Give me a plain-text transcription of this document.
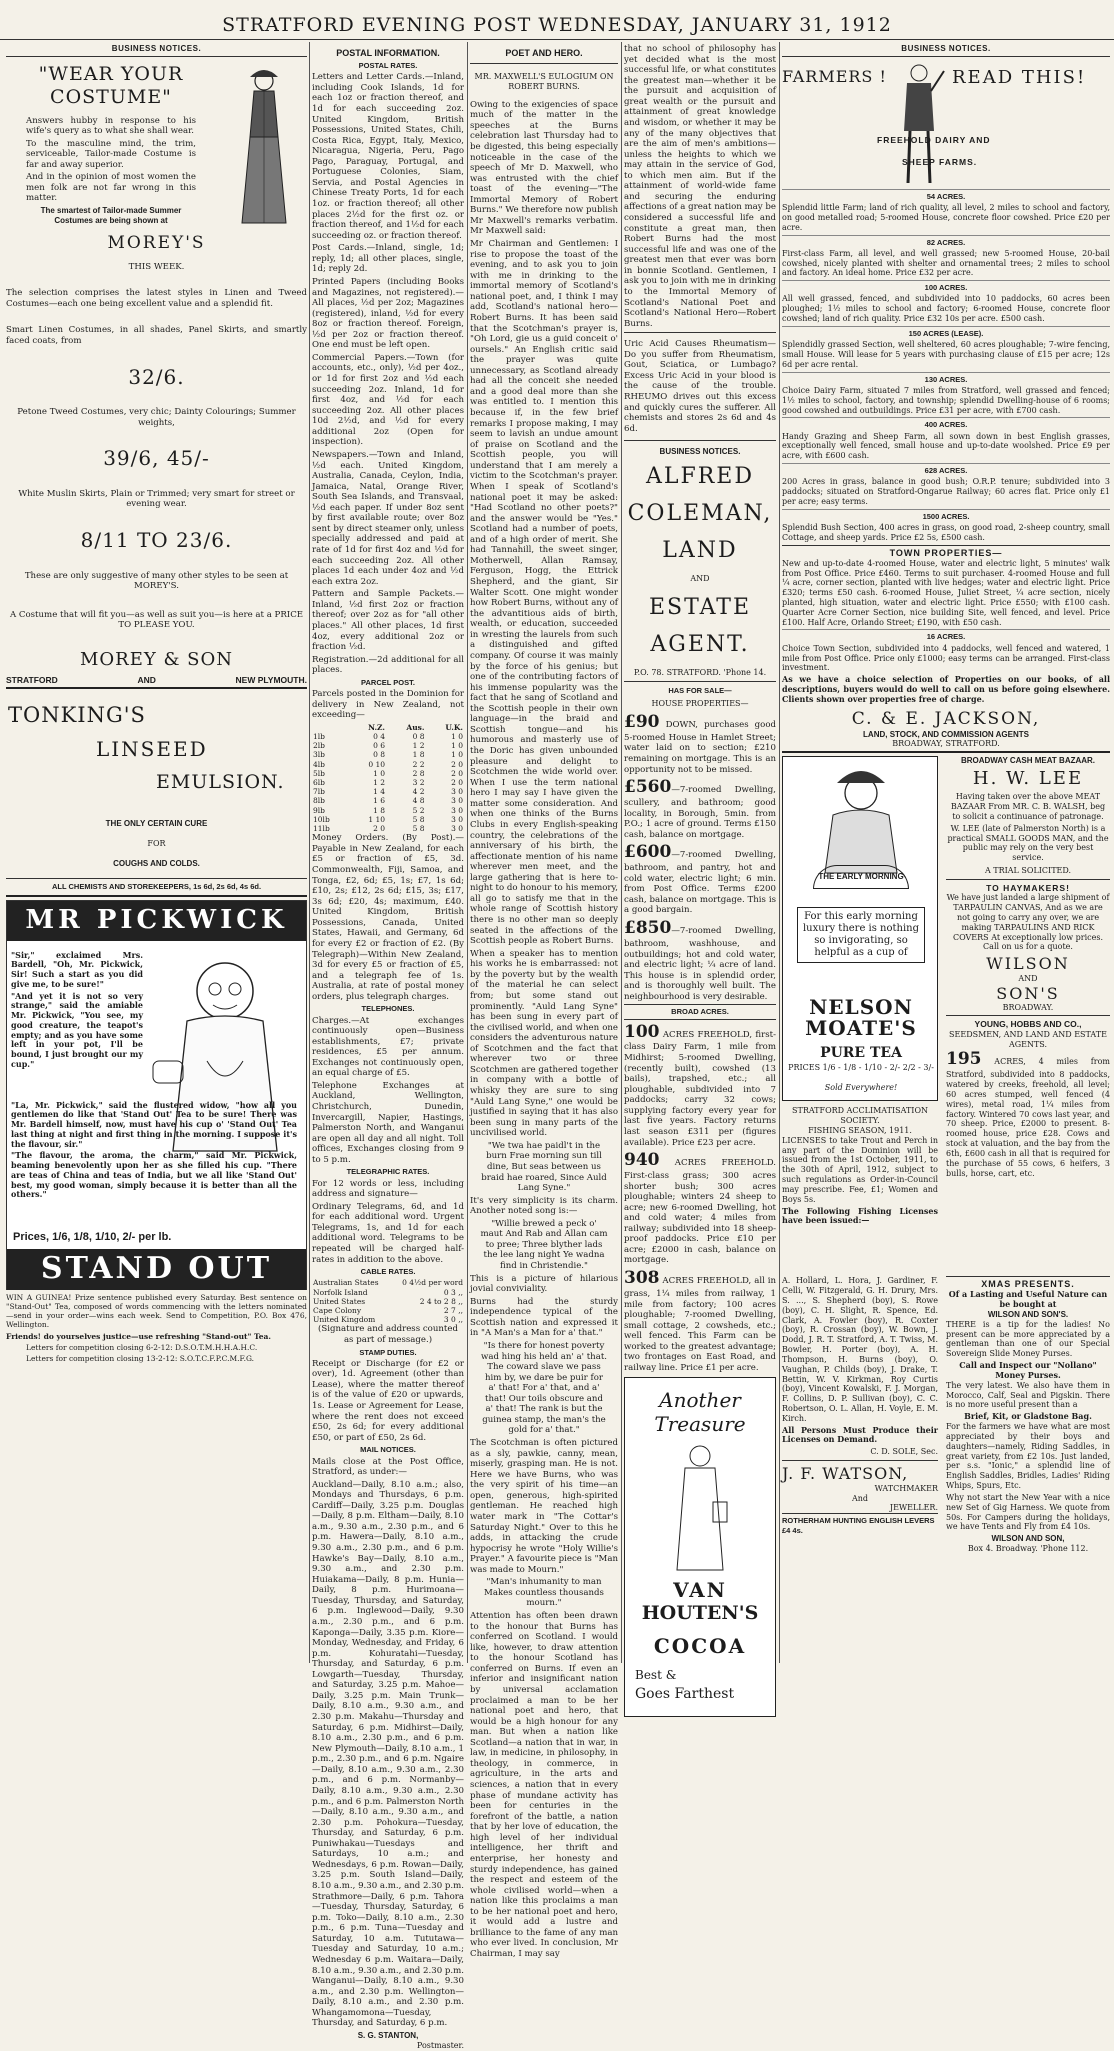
STRATFORD EVENING POST WEDNESDAY, JANUARY 31, 1912
BUSINESS NOTICES.
"WEAR YOUR
COSTUME"

Answers hubby in response to his wife's query as to what she shall wear.

To the masculine mind, the trim, serviceable, Tailor-made Costume is far and away superior.

And in the opinion of most women the men folk are not far wrong in this matter.

The smartest of Tailor-made Summer Costumes are being shown at

MOREY'S
THIS WEEK.

The selection comprises the latest styles in Linen and Tweed Costumes—each one being excellent value and a splendid fit.

Smart Linen Costumes, in all shades, Panel Skirts, and smartly faced coats, from

32/6.

Petone Tweed Costumes, very chic; Dainty Colourings; Summer weights,

39/6, 45/-

White Muslin Skirts, Plain or Trimmed; very smart for street or evening wear.

8/11 TO 23/6.

These are only suggestive of many other styles to be seen at MOREY'S.

A Costume that will fit you—as well as suit you—is here at a PRICE TO PLEASE YOU.

MOREY & SON
STRATFORD	AND	NEW PLYMOUTH.
TONKING'S
LINSEED
EMULSION.
THE ONLY CERTAIN CURE
FOR
COUGHS AND COLDS.
ALL CHEMISTS AND STOREKEEPERS, 1s 6d, 2s 6d, 4s 6d.
MR PICKWICK

"Sir," exclaimed Mrs. Bardell, "Oh, Mr. Pickwick, Sir! Such a start as you did give me, to be sure!"

"And yet it is not so very strange," said the amiable Mr. Pickwick, "You see, my good creature, the teapot's empty; and as you have some left in your pot, I'll be bound, I just brought our my cup."

"La, Mr. Pickwick," said the flustered widow, "how all you gentlemen do like that 'Stand Out' Tea to be sure! There was Mr. Bardell himself, now, must have his cup o' 'Stand Out' Tea last thing at night and first thing in the morning. I suppose it's the flavour, sir."

"The flavour, the aroma, the charm," said Mr. Pickwick, beaming benevolently upon her as she filled his cup. "There are teas of China and teas of India, but we all like 'Stand Out' best, my good woman, simply because it is better than all the others."

Prices, 1/6, 1/8, 1/10, 2/- per lb.
STAND OUT

WIN A GUINEA! Prize sentence published every Saturday. Best sentence on "Stand-Out" Tea, composed of words commencing with the letters nominated—send in your order—wins each week. Send to Competition, P.O. Box 476, Wellington.

Friends! do yourselves justice—use refreshing "Stand-out" Tea.

Letters for competition closing 6-2-12: D.S.O.T.M.H.H.A.H.C.

Letters for competition closing 13-2-12: S.O.T.C.F.P.C.M.F.G.

POSTAL INFORMATION.
POSTAL RATES.

Letters and Letter Cards.—Inland, including Cook Islands, 1d for each 1oz or fraction thereof, and 1d for each succeeding 2oz. United Kingdom, British Possessions, United States, Chili, Costa Rica, Egypt, Italy, Mexico, Nicaragua, Nigeria, Peru, Pago Pago, Paraguay, Portugal, and Portuguese Colonies, Siam, Servia, and Postal Agencies in Chinese Treaty Ports, 1d for each 1oz. or fraction thereof; all other places 2½d for the first oz. or fraction thereof, and 1½d for each succeeding oz. or fraction thereof.

Post Cards.—Inland, single, 1d; reply, 1d; all other places, single, 1d; reply 2d.

Printed Papers (including Books and Magazines, not registered).—All places, ½d per 2oz; Magazines (registered), inland, ½d for every 8oz or fraction thereof. Foreign, ½d per 2oz or fraction thereof. One end must be left open.

Commercial Papers.—Town (for accounts, etc., only), ½d per 4oz., or 1d for first 2oz and ½d each succeeding 2oz. Inland, 1d for first 4oz, and ½d for each succeeding 2oz. All other places 10d 2½d, and ½d for every additional 2oz (Open for inspection).

Newspapers.—Town and Inland, ½d each. United Kingdom, Australia, Canada, Ceylon, India, Jamaica, Natal, Orange River, South Sea Islands, and Transvaal, ½d each paper. If under 8oz sent by first available route; over 8oz sent by direct steamer only, unless specially addressed and paid at rate of 1d for first 4oz and ½d for each succeeding 2oz. All other places 1d each under 4oz and ½d each extra 2oz.

Pattern and Sample Packets.—Inland, ½d first 2oz or fraction thereof; over 2oz as for "all other places." All other places, 1d first 4oz, every additional 2oz or fraction ½d.

Registration.—2d additional for all places.

PARCEL POST.

Parcels posted in the Dominion for delivery in New Zealand, not exceeding—

	N.Z.	Aus.	U.K.
1lb	0 4	0 8	1 0
2lb	0 6	1 2	1 0
3lb	0 8	1 8	1 0
4lb	0 10	2 2	2 0
5lb	1 0	2 8	2 0
6lb	1 2	3 2	2 0
7lb	1 4	4 2	3 0
8lb	1 6	4 8	3 0
9lb	1 8	5 2	3 0
10lb	1 10	5 8	3 0
11lb	2 0	5 8	3 0

Money Orders. (By Post).—Payable in New Zealand, for each £5 or fraction of £5, 3d. Commonwealth, Fiji, Samoa, and Tonga, £2, 6d; £5, 1s; £7, 1s 6d; £10, 2s; £12, 2s 6d; £15, 3s; £17, 3s 6d; £20, 4s; maximum, £40. United Kingdom, British Possessions, Canada, United States, Hawaii, and Germany, 6d for every £2 or fraction of £2. (By Telegraph)—Within New Zealand, 3d for every £5 or fraction of £5, and a telegraph fee of 1s. Australia, at rate of postal money orders, plus telegraph charges.

TELEPHONES.

Charges.—At exchanges continuously open—Business establishments, £7; private residences, £5 per annum. Exchanges not continuously open, an equal charge of £5.

Telephone Exchanges at Auckland, Wellington, Christchurch, Dunedin, Invercargill, Napier, Hastings, Palmerston North, and Wanganui are open all day and all night. Toll offices, Exchanges closing from 9 to 5 p.m.

TELEGRAPHIC RATES.

For 12 words or less, including address and signature—

Ordinary Telegrams, 6d, and 1d for each additional word. Urgent Telegrams, 1s, and 1d for each additional word. Telegrams to be repeated will be charged half-rates in addition to the above.

CABLE RATES.
Australian States	0 4½d per word
Norfolk Island	0 3 ,,
United States	2 4 to 2 8 ,,
Cape Colony	2 7 ,,
United Kingdom	3 0 ,,

(Signature and address counted as part of message.)

STAMP DUTIES.

Receipt or Discharge (for £2 or over), 1d. Agreement (other than Lease), where the matter thereof is of the value of £20 or upwards, 1s. Lease or Agreement for Lease, where the rent does not exceed £50, 2s 6d; for every additional £50, or part of £50, 2s 6d.

MAIL NOTICES.

Mails close at the Post Office, Stratford, as under:—

Auckland—Daily, 8.10 a.m.; also, Mondays and Thursdays, 6 p.m. Cardiff—Daily, 3.25 p.m. Douglas—Daily, 8 p.m. Eltham—Daily, 8.10 a.m., 9.30 a.m., 2.30 p.m., and 6 p.m. Hawera—Daily, 8.10 a.m., 9.30 a.m., 2.30 p.m., and 6 p.m. Hawke's Bay—Daily, 8.10 a.m., 9.30 a.m., and 2.30 p.m. Huiakama—Daily, 8 p.m. Hunia—Daily, 8 p.m. Hurimoana—Tuesday, Thursday, and Saturday, 6 p.m. Inglewood—Daily, 9.30 a.m., 2.30 p.m., and 6 p.m. Kaponga—Daily, 3.35 p.m. Kiore—Monday, Wednesday, and Friday, 6 p.m. Kohuratahi—Tuesday, Thursday, and Saturday, 6 p.m. Lowgarth—Tuesday, Thursday, and Saturday, 3.25 p.m. Mahoe—Daily, 3.25 p.m. Main Trunk—Daily, 8.10 a.m., 9.30 a.m., and 2.30 p.m. Makahu—Thursday and Saturday, 6 p.m. Midhirst—Daily, 8.10 a.m., 2.30 p.m., and 6 p.m. New Plymouth—Daily, 8.10 a.m., 1 p.m., 2.30 p.m., and 6 p.m. Ngaire—Daily, 8.10 a.m., 9.30 a.m., 2.30 p.m., and 6 p.m. Normanby—Daily, 8.10 a.m., 9.30 a.m., 2.30 p.m., and 6 p.m. Palmerston North—Daily, 8.10 a.m., 9.30 a.m., and 2.30 p.m. Pohokura—Tuesday, Thursday, and Saturday, 6 p.m. Puniwhakau—Tuesdays and Saturdays, 10 a.m.; and Wednesdays, 6 p.m. Rowan—Daily, 3.25 p.m. South Island—Daily, 8.10 a.m., 9.30 a.m., and 2.30 p.m. Strathmore—Daily, 6 p.m. Tahora—Tuesday, Thursday, Saturday, 6 p.m. Toko—Daily, 8.10 a.m., 2.30 p.m., 6 p.m. Tuna—Tuesday and Saturday, 10 a.m. Tututawa—Tuesday and Saturday, 10 a.m.; Wednesday 6 p.m. Waitara—Daily, 8.10 a.m., 9.30 a.m., and 2.30 p.m. Wanganui—Daily, 8.10 a.m., 9.30 a.m., and 2.30 p.m. Wellington—Daily, 8.10 a.m., and 2.30 p.m. Whangamomona—Tuesday, Thursday, and Saturday, 6 p.m.

S. G. STANTON,
Postmaster.
POET AND HERO.
MR. MAXWELL'S EULOGIUM ON ROBERT BURNS.

Owing to the exigencies of space much of the matter in the speeches at the Burns celebration last Thursday had to be digested, this being especially noticeable in the case of the speech of Mr D. Maxwell, who was entrusted with the chief toast of the evening—"The Immortal Memory of Robert Burns." We therefore now publish Mr Maxwell's remarks verbatim. Mr Maxwell said:

Mr Chairman and Gentlemen: I rise to propose the toast of the evening, and to ask you to join with me in drinking to the immortal memory of Scotland's national poet, and, I think I may add, Scotland's national hero—Robert Burns. It has been said that the Scotchman's prayer is, "Oh Lord, gie us a guid conceit o' oursels." An English critic said the prayer was quite unnecessary, as Scotland already had all the conceit she needed and a good deal more than she was entitled to. I mention this because if, in the few brief remarks I propose making, I may seem to lavish an undue amount of praise on Scotland and the Scottish people, you will understand that I am merely a victim to the Scotchman's prayer. When I speak of Scotland's national poet it may be asked: "Had Scotland no other poets?" and the answer would be "Yes." Scotland had a number of poets, and of a high order of merit. She had Tannahill, the sweet singer, Motherwell, Allan Ramsay, Ferguson, Hogg, the Ettrick Shepherd, and the giant, Sir Walter Scott. One might wonder how Robert Burns, without any of the advantitious aids of birth, wealth, or education, succeeded in wresting the laurels from such a distinguished and gifted company. Of course it was mainly by the force of his genius; but one of the contributing factors of his immense popularity was the fact that he sang of Scotland and the Scottish people in their own language—in the braid and Scottish tongue—and his humorous and masterly use of the Doric has given unbounded pleasure and delight to Scotchmen the wide world over. When I use the term national hero I may say I have given the matter some consideration. And when one thinks of the Burns Clubs in every English-speaking country, the celebrations of the anniversary of his birth, the affectionate mention of his name wherever men meet, and the large gathering that is here to-night to do honour to his memory, all go to satisfy me that in the whole range of Scottish history there is no other man so deeply seated in the affections of the Scottish people as Robert Burns.

When a speaker has to mention his works he is embarrassed: not by the poverty but by the wealth of the material he can select from; but some stand out prominently. "Auld Lang Syne" has been sung in every part of the civilised world, and when one considers the adventurous nature of Scotchmen and the fact that wherever two or three Scotchmen are gathered together in company with a bottle of whisky they are sure to sing "Auld Lang Syne," one would be justified in saying that it has also been sung in many parts of the uncivilised world.

"We twa hae paidl't in the burn Frae morning sun till dine, But seas between us braid hae roared, Since Auld Lang Syne."

It's very simplicity is its charm. Another noted song is:—

"Willie brewed a peck o' maut And Rab and Allan cam to pree; Three blyther lads the lee lang night Ye wadna find in Christendie."

This is a picture of hilarious jovial conviviality.

Burns had the sturdy independence typical of the Scottish nation and expressed it in "A Man's a Man for a' that."

"Is there for honest poverty wad hing his held an' a' that. The coward slave we pass him by, we dare be puir for a' that! For a' that, and a' that! Our toils obscure and a' that! The rank is but the guinea stamp, the man's the gold for a' that."

The Scotchman is often pictured as a sly, pawkie, canny, mean, miserly, grasping man. He is not. Here we have Burns, who was the very spirit of his time—an open, generous, high-spirited gentleman. He reached high water mark in "The Cottar's Saturday Night." Over to this he adds, in attacking the crude hypocrisy he wrote "Holy Willie's Prayer." A favourite piece is "Man was made to Mourn."

"Man's inhumanity to man Makes countless thousands mourn."

Attention has often been drawn to the honour that Burns has conferred on Scotland. I would like, however, to draw attention to the honour Scotland has conferred on Burns. If even an inferior and insignificant nation by universal acclamation proclaimed a man to be her national poet and hero, that would be a high honour for any man. But when a nation like Scotland—a nation that in war, in law, in medicine, in philosophy, in theology, in commerce, in agriculture, in the arts and sciences, a nation that in every phase of mundane activity has been for centuries in the forefront of the battle, a nation that by her love of education, the high level of her individual intelligence, her thrift and enterprise, her honesty and sturdy independence, has gained the respect and esteem of the whole civilised world—when a nation like this proclaims a man to be her national poet and hero, it would add a lustre and brilliance to the fame of any man who ever lived. In conclusion, Mr Chairman, I may say

that no school of philosophy has yet decided what is the most successful life, or what constitutes the greatest man—whether it be the pursuit and acquisition of great wealth or the pursuit and attainment of great knowledge and wisdom, or whether it may be any of the many objectives that are the aim of men's ambitions—unless the heights to which we may attain in the service of God, to which men aim. But if the attainment of world-wide fame and securing the enduring affections of a great nation may be considered a successful life and constitute a great man, then Robert Burns had the most successful life and was one of the greatest men that ever was born in bonnie Scotland. Gentlemen, I ask you to join with me in drinking to the Immortal Memory of Scotland's National Poet and Scotland's National Hero—Robert Burns.

Uric Acid Causes Rheumatism—Do you suffer from Rheumatism, Gout, Sciatica, or Lumbago? Excess Uric Acid in your blood is the cause of the trouble. RHEUMO drives out this excess and quickly cures the sufferer. All chemists and stores 2s 6d and 4s 6d.

BUSINESS NOTICES.
ALFRED
COLEMAN,
LAND
AND
ESTATE
AGENT.
P.O. 78. STRATFORD. 'Phone 14.
HAS FOR SALE—
HOUSE PROPERTIES—

£90 DOWN, purchases good 5-roomed House in Hamlet Street; water laid on to section; £210 remaining on mortgage. This is an opportunity not to be missed.

£560—7-roomed Dwelling, scullery, and bathroom; good locality, in Borough, 5min. from P.O.; 1 acre of ground. Terms £150 cash, balance on mortgage.

£600—7-roomed Dwelling, bathroom, and pantry, hot and cold water, electric light; 6 min. from Post Office. Terms £200 cash, balance on mortgage. This is a good bargain.

£850—7-roomed Dwelling, bathroom, washhouse, and outbuildings; hot and cold water, and electric light; ¼ acre of land. This house is in splendid order, and is thoroughly well built. The neighbourhood is very desirable.

BROAD ACRES.

100 ACRES FREEHOLD, first-class Dairy Farm, 1 mile from Midhirst; 5-roomed Dwelling, (recently built), cowshed (13 bails), trapshed, etc.; all ploughable, subdivided into 7 paddocks; carry 32 cows; supplying factory every year for last five years. Factory returns last season £311 per (figures available). Price £23 per acre.

940 ACRES FREEHOLD. First-class grass; 300 acres shorter bush; 300 acres ploughable; winters 24 sheep to acre; new 6-roomed Dwelling, hot and cold water; 4 miles from railway; subdivided into 18 sheep-proof paddocks. Price £10 per acre; £2000 in cash, balance on mortgage.

308 ACRES FREEHOLD, all in grass, 1¼ miles from railway, 1 mile from factory; 100 acres ploughable; 7-roomed Dwelling, small cottage, 2 cowsheds, etc.; well fenced. This Farm can be worked to the greatest advantage; two frontages on East Road, and railway line. Price £1 per acre.

Another
Treasure
VAN
HOUTEN'S
COCOA
Best &
Goes Farthest
BUSINESS NOTICES.
FARMERS !	READ THIS!
FREEHOLD DAIRY AND
SHEEP FARMS.
54 ACRES.

Splendid little Farm; land of rich quality, all level, 2 miles to school and factory, on good metalled road; 5-roomed House, concrete floor cowshed. Price £20 per acre.

82 ACRES.

First-class Farm, all level, and well grassed; new 5-roomed House, 20-bail cowshed, nicely planted with shelter and ornamental trees; 2 miles to school and factory. An ideal home. Price £32 per acre.

100 ACRES.

All well grassed, fenced, and subdivided into 10 paddocks, 60 acres been ploughed; 1½ miles to school and factory; 6-roomed House, concrete floor cowshed; land of rich quality. Price £32 10s per acre. £500 cash.

150 ACRES (LEASE).

Splendidly grassed Section, well sheltered, 60 acres ploughable; 7-wire fencing, small House. Will lease for 5 years with purchasing clause of £15 per acre; 12s 6d per acre rental.

130 ACRES.

Choice Dairy Farm, situated 7 miles from Stratford, well grassed and fenced; 1½ miles to school, factory, and township; splendid Dwelling-house of 6 rooms; good cowshed and outbuildings. Price £31 per acre, with £700 cash.

400 ACRES.

Handy Grazing and Sheep Farm, all sown down in best English grasses, exceptionally well fenced, small house and up-to-date woolshed. Price £9 per acre, with £600 cash.

628 ACRES.

200 Acres in grass, balance in good bush; O.R.P. tenure; subdivided into 3 paddocks; situated on Stratford-Ongarue Railway; 60 acres flat. Price only £1 per acre; easy terms.

1500 ACRES.

Splendid Bush Section, 400 acres in grass, on good road, 2-sheep country, small Cottage, and sheep yards. Price £2 5s, £500 cash.

TOWN PROPERTIES—

New and up-to-date 4-roomed House, water and electric light, 5 minutes' walk from Post Office. Price £460. Terms to suit purchaser. 4-roomed House and full ¼ acre, corner section, planted with live hedges; water and electric light. Price £320; terms £50 cash. 6-roomed House, Juliet Street, ¼ acre section, nicely planted, high situation, water and electric light. Price £550; with £100 cash. Quarter Acre Corner Section, nice building Site, well fenced, and level. Price £100. Half Acre, Orlando Street; £190, with £50 cash.

16 ACRES.

Choice Town Section, subdivided into 4 paddocks, well fenced and watered, 1 mile from Post Office. Price only £1000; easy terms can be arranged. First-class investment.

As we have a choice selection of Properties on our books, of all descriptions, buyers would do well to call on us before going elsewhere. Clients shown over properties free of charge.

C. & E. JACKSON,
LAND, STOCK, AND COMMISSION AGENTS
BROADWAY, STRATFORD.
THE EARLY MORNING
For this early morning luxury there is nothing so invigorating, so helpful as a cup of
NELSON MOATE'S
PURE TEA
PRICES 1/6 - 1/8 - 1/10 - 2/- 2/2 - 3/-
Sold Everywhere!
STRATFORD ACCLIMATISATION SOCIETY.
FISHING SEASON, 1911.

LICENSES to take Trout and Perch in any part of the Dominion will be issued from the 1st October, 1911, to the 30th of April, 1912, subject to such regulations as Order-in-Council may prescribe. Fee, £1; Women and Boys 5s.

The Following Fishing Licenses have been issued:—

BROADWAY CASH MEAT BAZAAR.
H. W. LEE

Having taken over the above MEAT BAZAAR From MR. C. B. WALSH, beg to solicit a continuance of patronage.

W. LEE (late of Palmerston North) is a practical SMALL GOODS MAN, and the public may rely on the very best service.

A TRIAL SOLICITED.
TO HAYMAKERS!

We have just landed a large shipment of TARPAULIN CANVAS, And as we are not going to carry any over, we are making TARPAULINS AND RICK COVERS At exceptionally low prices. Call on us for a quote.

WILSON
AND
SON'S
BROADWAY.
YOUNG, HOBBS AND CO.,
SEEDSMEN, AND LAND AND ESTATE AGENTS.

195 ACRES, 4 miles from Stratford, subdivided into 8 paddocks, watered by creeks, freehold, all level; 60 acres stumped, well fenced (4 wires), metal road, 1¼ miles from factory. Wintered 70 cows last year, and 70 sheep. Price, £2000 to present. 8-roomed house, price £28. Cows and stock at valuation, and the bay from the 6th, £600 cash in all that is required for the purchase of 55 cows, 6 heifers, 3 bulls, horse, cart, etc.

A. Hollard, L. Hora, J. Gardiner, F. Celli, W. Fitzgerald, G. H. Drury, Mrs. S. ..., S. Shepherd (boy), S. Rowe (boy), C. H. Slight, R. Spence, Ed. Clark, A. Fowler (boy), R. Coxter (boy), R. Crossan (boy), W. Bown, J. Dodd, J. R. T. Stratford, A. T. Twiss, M. Bowler, H. Porter (boy), A. H. Thompson, H. Burns (boy), O. Vaughan, P. Childs (boy), J. Drake, T. Bettin, W. V. Kirkman, Roy Curtis (boy), Vincent Kowalski, F. J. Morgan, F. Collins, D. P. Sullivan (boy), C. C. Robertson, O. L. Allan, H. Voyle, E. M. Kirch.

All Persons Must Produce their Licenses on Demand.

C. D. SOLE, Sec.
J. F. WATSON,
WATCHMAKER
And
JEWELLER.
ROTHERHAM HUNTING ENGLISH LEVERS £4 4s.
XMAS PRESENTS.
Of a Lasting and Useful Nature can be bought at
WILSON AND SON'S.

THERE is a tip for the ladies! No present can be more appreciated by a gentleman than one of our Special Sovereign Slide Money Purses.

Call and Inspect our "Nollano" Money Purses.

The very latest. We also have them in Morocco, Calf, Seal and Pigskin. There is no more useful present than a

Brief, Kit, or Gladstone Bag.

For the farmers we have what are most appreciated by their boys and daughters—namely, Riding Saddles, in great variety, from £2 10s. Just landed, per s.s. "Ionic," a splendid line of English Saddles, Bridles, Ladies' Riding Whips, Spurs, Etc.

Why not start the New Year with a nice new Set of Gig Harness. We quote from 50s. For Campers during the holidays, we have Tents and Fly from £4 10s.

WILSON AND SON,
Box 4. Broadway. 'Phone 112.
